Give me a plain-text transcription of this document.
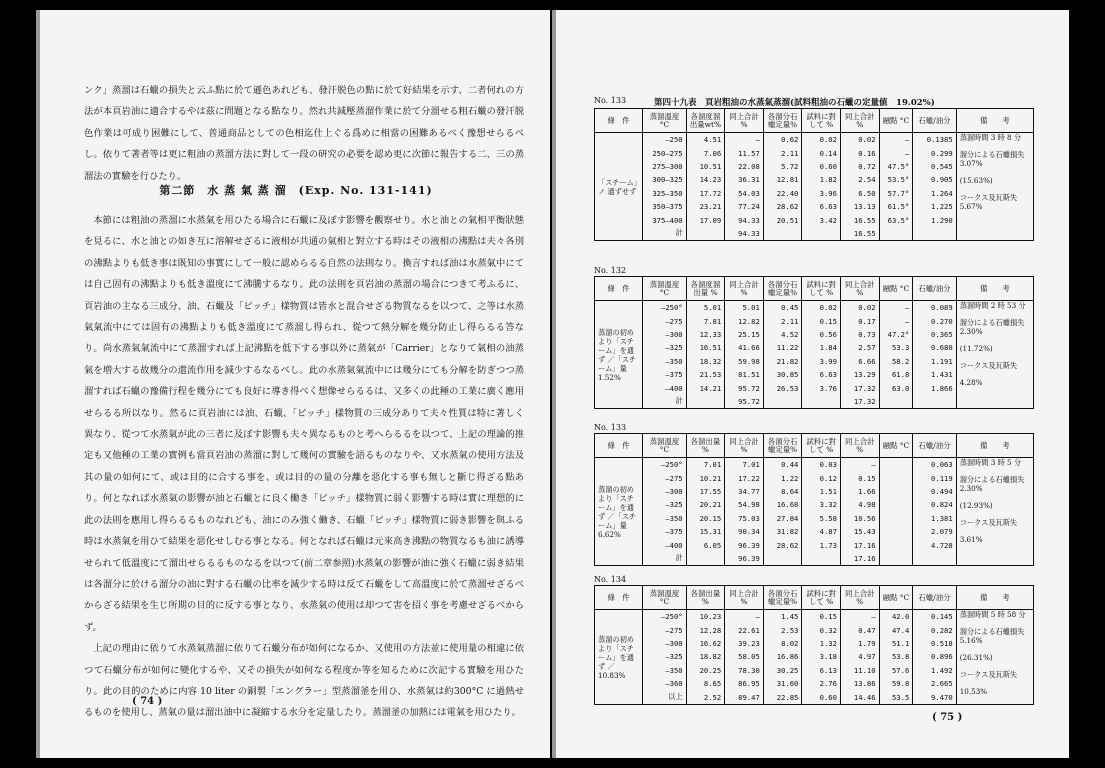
ンク」蒸溜は石蠟の損失と云ふ點に於て遜色あれども、發汗脱色の點に於て好結果を示す、二者何れの方法が本頁岩油に適合するやは茲に問題となる點なり。然れ共減壓蒸溜作業に於て分溜せる粗石蠟の發汗脱色作業は可成り困難にして、普通商品としての色相迄仕上ぐる爲めに相當の困難あるべく豫想せらるべし。依りて著者等は更に粗油の蒸溜方法に對して一段の研究の必要を認め更に次節に報告する二、三の蒸溜法の實驗を行ひたり。

第二節　水 蒸 氣 蒸 溜　(Exp. No. 131-141)

本節には粗油の蒸溜に水蒸氣を用ひたる場合に石蠟に及ぼす影響を觀察せり。水と油との氣相平衡狀態を見るに、水と油との如き互に溶解せざるに液相が共通の氣相と對立する時はその液相の沸點は夫々各別の沸點よりも低き事は既知の事實にして一般に認めらるる自然の法則なり。換言すれば油は水蒸氣中にては自己固有の沸點よりも低き溫度にて沸騰するなり。此の法則を頁岩油の蒸溜の場合につきて考ふるに、頁岩油の主なる三成分、油、石蠟及「ピッチ」樣物質は皆水と混合せざる物質なるを以つて、之等は水蒸氣氣流中にては固有の沸點よりも低き溫度にて蒸溜し得られ、從つて熱分解を幾分防止し得らるる答なり。尚水蒸氣氣流中にて蒸溜すれば上記沸點を低下する事以外に蒸氣が「Carrier」となりて氣相の油蒸氣を増大する故幾分の還流作用を減少するなるべし。此の水蒸氣氣流中には幾分にても分解を防ぎつつ蒸溜すれば石蠟の豫備行程を幾分にても良好に導き得べく想像せらるるは、又多くの此種の工業に廣く應用せらるる所以なり。然るに頁岩油には油、石蠟、「ピッチ」樣物質の三成分ありて夫々性質は特に著しく異なり、從つて水蒸氣が此の三者に及ぼす影響も夫々異なるものと考へらるるを以つて、上記の理論的推定も又他種の工業の實例も當頁岩油の蒸溜に對して幾何の實驗を語るものなりや、又水蒸氣の使用方法及其の量の如何にて、或は目的に合する事を、或は目的の量の分離を惡化する事も無しと斷じ得ざる點あり。何となれば水蒸氣の影響が油と石蠟とに良く働き「ピッチ」樣物質に弱く影響する時は實に理想的に此の法則を應用し得らるるものなれども、油にのみ強く働き、石蠟「ピッチ」樣物質に弱き影響を與ふる時は水蒸氣を用ひて結果を惡化せしむる事となる。何となれば石蠟は元來高き沸點の物質なるも油に誘導せられて低溫度にて溜出せらるるものなるを以つて(前二章参照)水蒸氣の影響が油に強く石蠟に弱き結果は各溜分に於ける溜分の油に對する石蠟の比率を減少する時は反て石蠟をして高溫度に於て蒸溜せざるべからざる結果を生じ所期の目的に反する事となり、水蒸氣の使用は却つて害を招く事を考慮せざるべからず。

上記の理由に依りて水蒸氣蒸溜に依りて石蠟分布が如何になるか、又使用の方法並に使用量の相違に依つて石蠟分布が如何に變化するや、又その損失が如何なる程度か等を知るために次記する實驗を用ひたり。此の目的のために内容 10 liter の銅製「エングラー」型蒸溜釜を用ひ、水蒸氣は約300°C に過熱せるものを使用し、蒸氣の量は溜出油中に凝縮する水分を定量したり。蒸溜釜の加熱には電氣を用ひたり。

( 74 )
No. 133	第四十九表　頁岩粗油の水蒸氣蒸溜(試料粗油の石蠟の定量値　19.02%)
條　件	蒸溜溫度 °C	各溜度溜出量wt%	同上合計 %	各溜分石蠟定量%	試料に對して %	同上合計 %	融點 °C	石蠟/油分	備　　考
「スチーム」ノ 通ずせず	—250	4.51	—	0.62	0.02	0.02	—	0.1385	蒸溜時間 3 時 8 分
溜分による石蠟損失 3.07%
(15.63%)
コークス及瓦斯失 5.67%

	250—275	7.06	11.57	2.11	0.14	0.16	—	0.299	
	275—300	10.51	22.08	5.72	0.60	0.72	47.5°	0.545	
	300—325	14.23	36.31	12.81	1.82	2.54	53.5°	0.905	
	325—350	17.72	54.03	22.40	3.96	6.50	57.7°	1.264	
	350—375	23.21	77.24	28.62	6.63	13.13	61.5°	1.225	
	375—400	17.09	94.33	20.51	3.42	16.55	63.5°	1.290	
	計		94.33			16.55			
No. 132
條　件	蒸溜溫度 °C	各溜度溜出量 %	同上合計 %	各溜分石蠟定量%	試料に對して %	同上合計 %	融點 °C	石蠟/油分	備　　考
蒸溜の初めより「スチーム」を通ず ／「スチーム」量 1.52%	—250°	5.01	5.01	0.45	0.02	0.02	—	0.089	蒸溜時間 2 時 53 分
溜分による石蠟損失 2.30%
(11.72%)
コークス及瓦斯失
4.28%

	—275	7.81	12.82	2.11	0.15	0.17	—	0.270	
	—300	12.33	25.15	4.52	0.56	0.73	47.2°	0.365	
	—325	16.51	41.66	11.22	1.84	2.57	53.3	0.680	
	—350	18.32	59.98	21.82	3.99	6.66	58.2	1.191	
	—375	21.53	81.51	30.85	6.63	13.29	61.8	1.431	
	—400	14.21	95.72	26.53	3.76	17.32	63.0	1.866	
	計		95.72			17.32			
No. 133
條　件	蒸溜溫度 °C	各溜出量 %	同上合計 %	各溜分石蠟定量%	試料に對して %	同上合計 %	融點 °C	石蠟/油分	備　　考
蒸溜の初めより「スチーム」を通ず ／「スチーム」量 6.62%	—250°	7.01	7.01	0.44	0.03	—		0.063	蒸溜時間 3 時 5 分
溜分による石蠟損失 2.30%
(12.93%)
コークス及瓦斯失
3.61%

	—275	10.21	17.22	1.22	0.12	0.15		0.119	
	—300	17.55	34.77	8.64	1.51	1.66		0.494	
	—325	20.21	54.98	16.68	3.32	4.98		0.824	
	—350	20.15	75.03	27.84	5.58	10.56		1.381	
	—375	15.31	90.34	31.82	4.87	15.43		2.079	
	—400	6.05	96.39	28.62	1.73	17.16		4.728	
	計		96.39			17.16			
No. 134
條　件	蒸溜溫度 °C	各溜出量 %	同上合計 %	各溜分石蠟定量%	試料に對して %	同上合計 %	融點 °C	石蠟/油分	備　　考
蒸溜の初めより「スチーム」を通ず ／ 10.83%	—250°	10.23	—	1.45	0.15	—	42.0	0.145	蒸溜時間 5 時 58 分
溜分による石蠟損失 5.16%
(26.31%)
コークス及瓦斯失
10.53%

	—275	12.28	22.61	2.53	0.32	0.47	47.4	0.282	
	—300	16.62	39.23	8.02	1.32	1.79	51.1	0.518	
	—325	18.82	58.05	16.86	3.18	4.97	53.8	0.896	
	—350	20.25	78.30	30.25	6.13	11.10	57.6	1.492	
	—360	8.65	86.95	31.60	2.76	13.86	59.8	2.665	
	以上	2.52	89.47	22.85	0.60	14.46	53.5	9.470	
( 75 )
